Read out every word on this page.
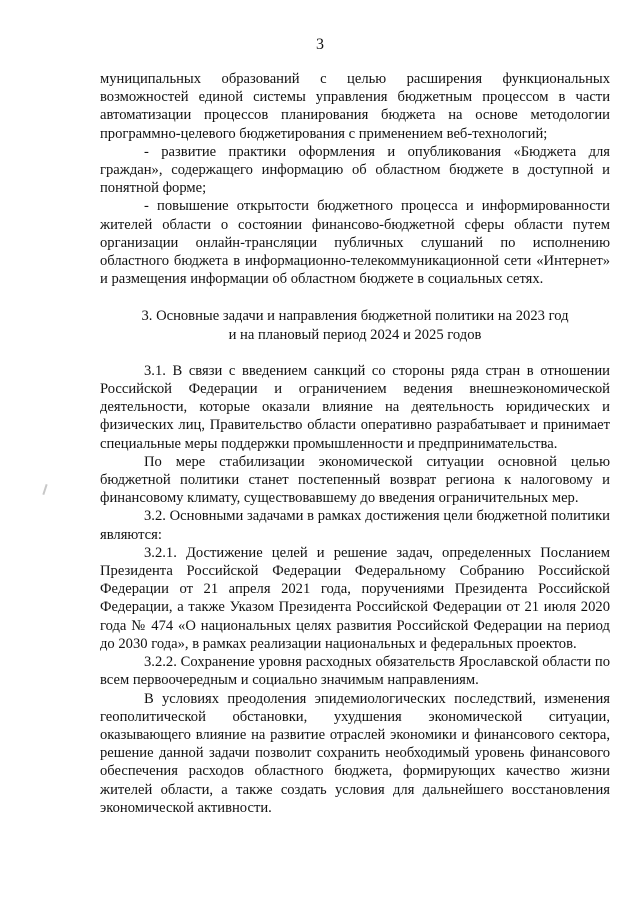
3

муниципальных образований с целью расширения функциональных возможностей единой системы управления бюджетным процессом в части автоматизации процессов планирования бюджета на основе методологии программно-целевого бюджетирования с применением веб-технологий;

- развитие практики оформления и опубликования «Бюджета для граждан», содержащего информацию об областном бюджете в доступной и понятной форме;

- повышение открытости бюджетного процесса и информированности жителей области о состоянии финансово-бюджетной сферы области путем организации онлайн-трансляции публичных слушаний по исполнению областного бюджета в информационно-телекоммуникационной сети «Интернет» и размещения информации об областном бюджете в социальных сетях.

3. Основные задачи и направления бюджетной политики на 2023 год
и на плановый период 2024 и 2025 годов

3.1. В связи с введением санкций со стороны ряда стран в отношении Российской Федерации и ограничением ведения внешнеэкономической деятельности, которые оказали влияние на деятельность юридических и физических лиц, Правительство области оперативно разрабатывает и принимает специальные меры поддержки промышленности и предпринимательства.

По мере стабилизации экономической ситуации основной целью бюджетной политики станет постепенный возврат региона к налоговому и финансовому климату, существовавшему до введения ограничительных мер.

3.2. Основными задачами в рамках достижения цели бюджетной политики являются:

3.2.1. Достижение целей и решение задач, определенных Посланием Президента Российской Федерации Федеральному Собранию Российской Федерации от 21 апреля 2021 года, поручениями Президента Российской Федерации, а также Указом Президента Российской Федерации от 21 июля 2020 года № 474 «О национальных целях развития Российской Федерации на период до 2030 года», в рамках реализации национальных и федеральных проектов.

3.2.2. Сохранение уровня расходных обязательств Ярославской области по всем первоочередным и социально значимым направлениям.

В условиях преодоления эпидемиологических последствий, изменения геополитической обстановки, ухудшения экономической ситуации, оказывающего влияние на развитие отраслей экономики и финансового сектора, решение данной задачи позволит сохранить необходимый уровень финансового обеспечения расходов областного бюджета, формирующих качество жизни жителей области, а также создать условия для дальнейшего восстановления экономической активности.
